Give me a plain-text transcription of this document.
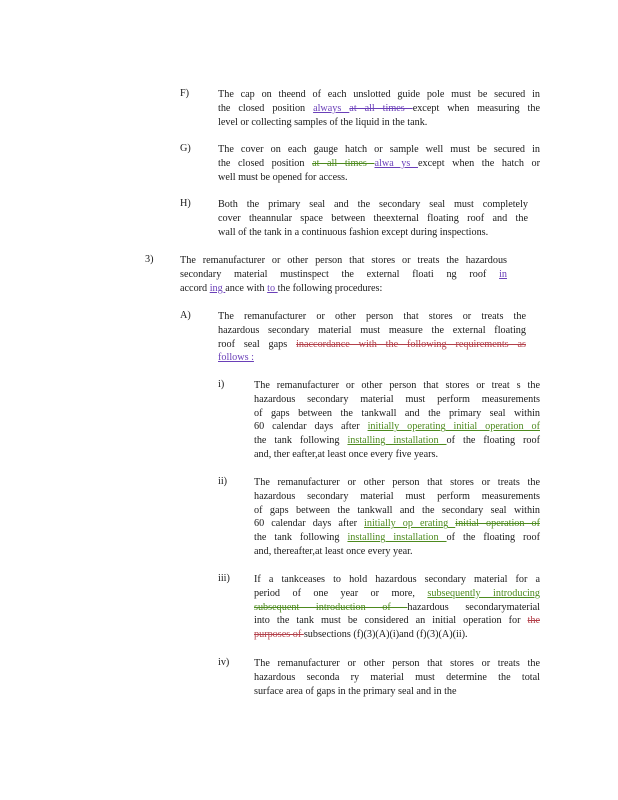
F)	The cap on theend of each unslotted guide pole must be secured in
the closed position always at all times except when measuring the
level or collecting samples of the liquid in the tank.
G)	The cover on each gauge hatch or sample well must be secured in
the closed position at all times alwa ys except when the hatch or
well must be opened for access.
H)	Both the primary seal and the secondary seal must completely
cover theannular space between theexternal floating roof and the
wall of the tank in a continuous fashion except during inspections.
3)	The remanufacturer or other person that stores or treats the hazardous
secondary material mustinspect the external floati ng roof in
accord ing ance with to the following procedures:
A)	The remanufacturer or other person that stores or treats the
hazardous secondary material must measure the external floating
roof seal gaps inaccordance with the following requirements as
follows :
i)	The remanufacturer or other person that stores or treat s the
hazardous secondary material must perform measurements
of gaps between the tankwall and the primary seal within
60 calendar days after initially operating initial operation of
the tank following installing installation of the floating roof
and, ther eafter,at least once every five years.
ii)	The remanufacturer or other person that stores or treats the
hazardous secondary material must perform measurements
of gaps between the tankwall and the secondary seal within
60 calendar days after initially op erating initial operation of
the tank following installing installation of the floating roof
and, thereafter,at least once every year.
iii) If a tankceases to hold hazardous secondary material for a
period of one year or more, subsequently introducing
subsequent introduction of hazardous secondarymaterial
into the tank must be considered an initial operation for the
purposes of subsections (f)(3)(A)(i)and (f)(3)(A)(ii).
iv) The remanufacturer or other person that stores or treats the
hazardous seconda ry material must determine the total
surface area of gaps in the primary seal and in the
